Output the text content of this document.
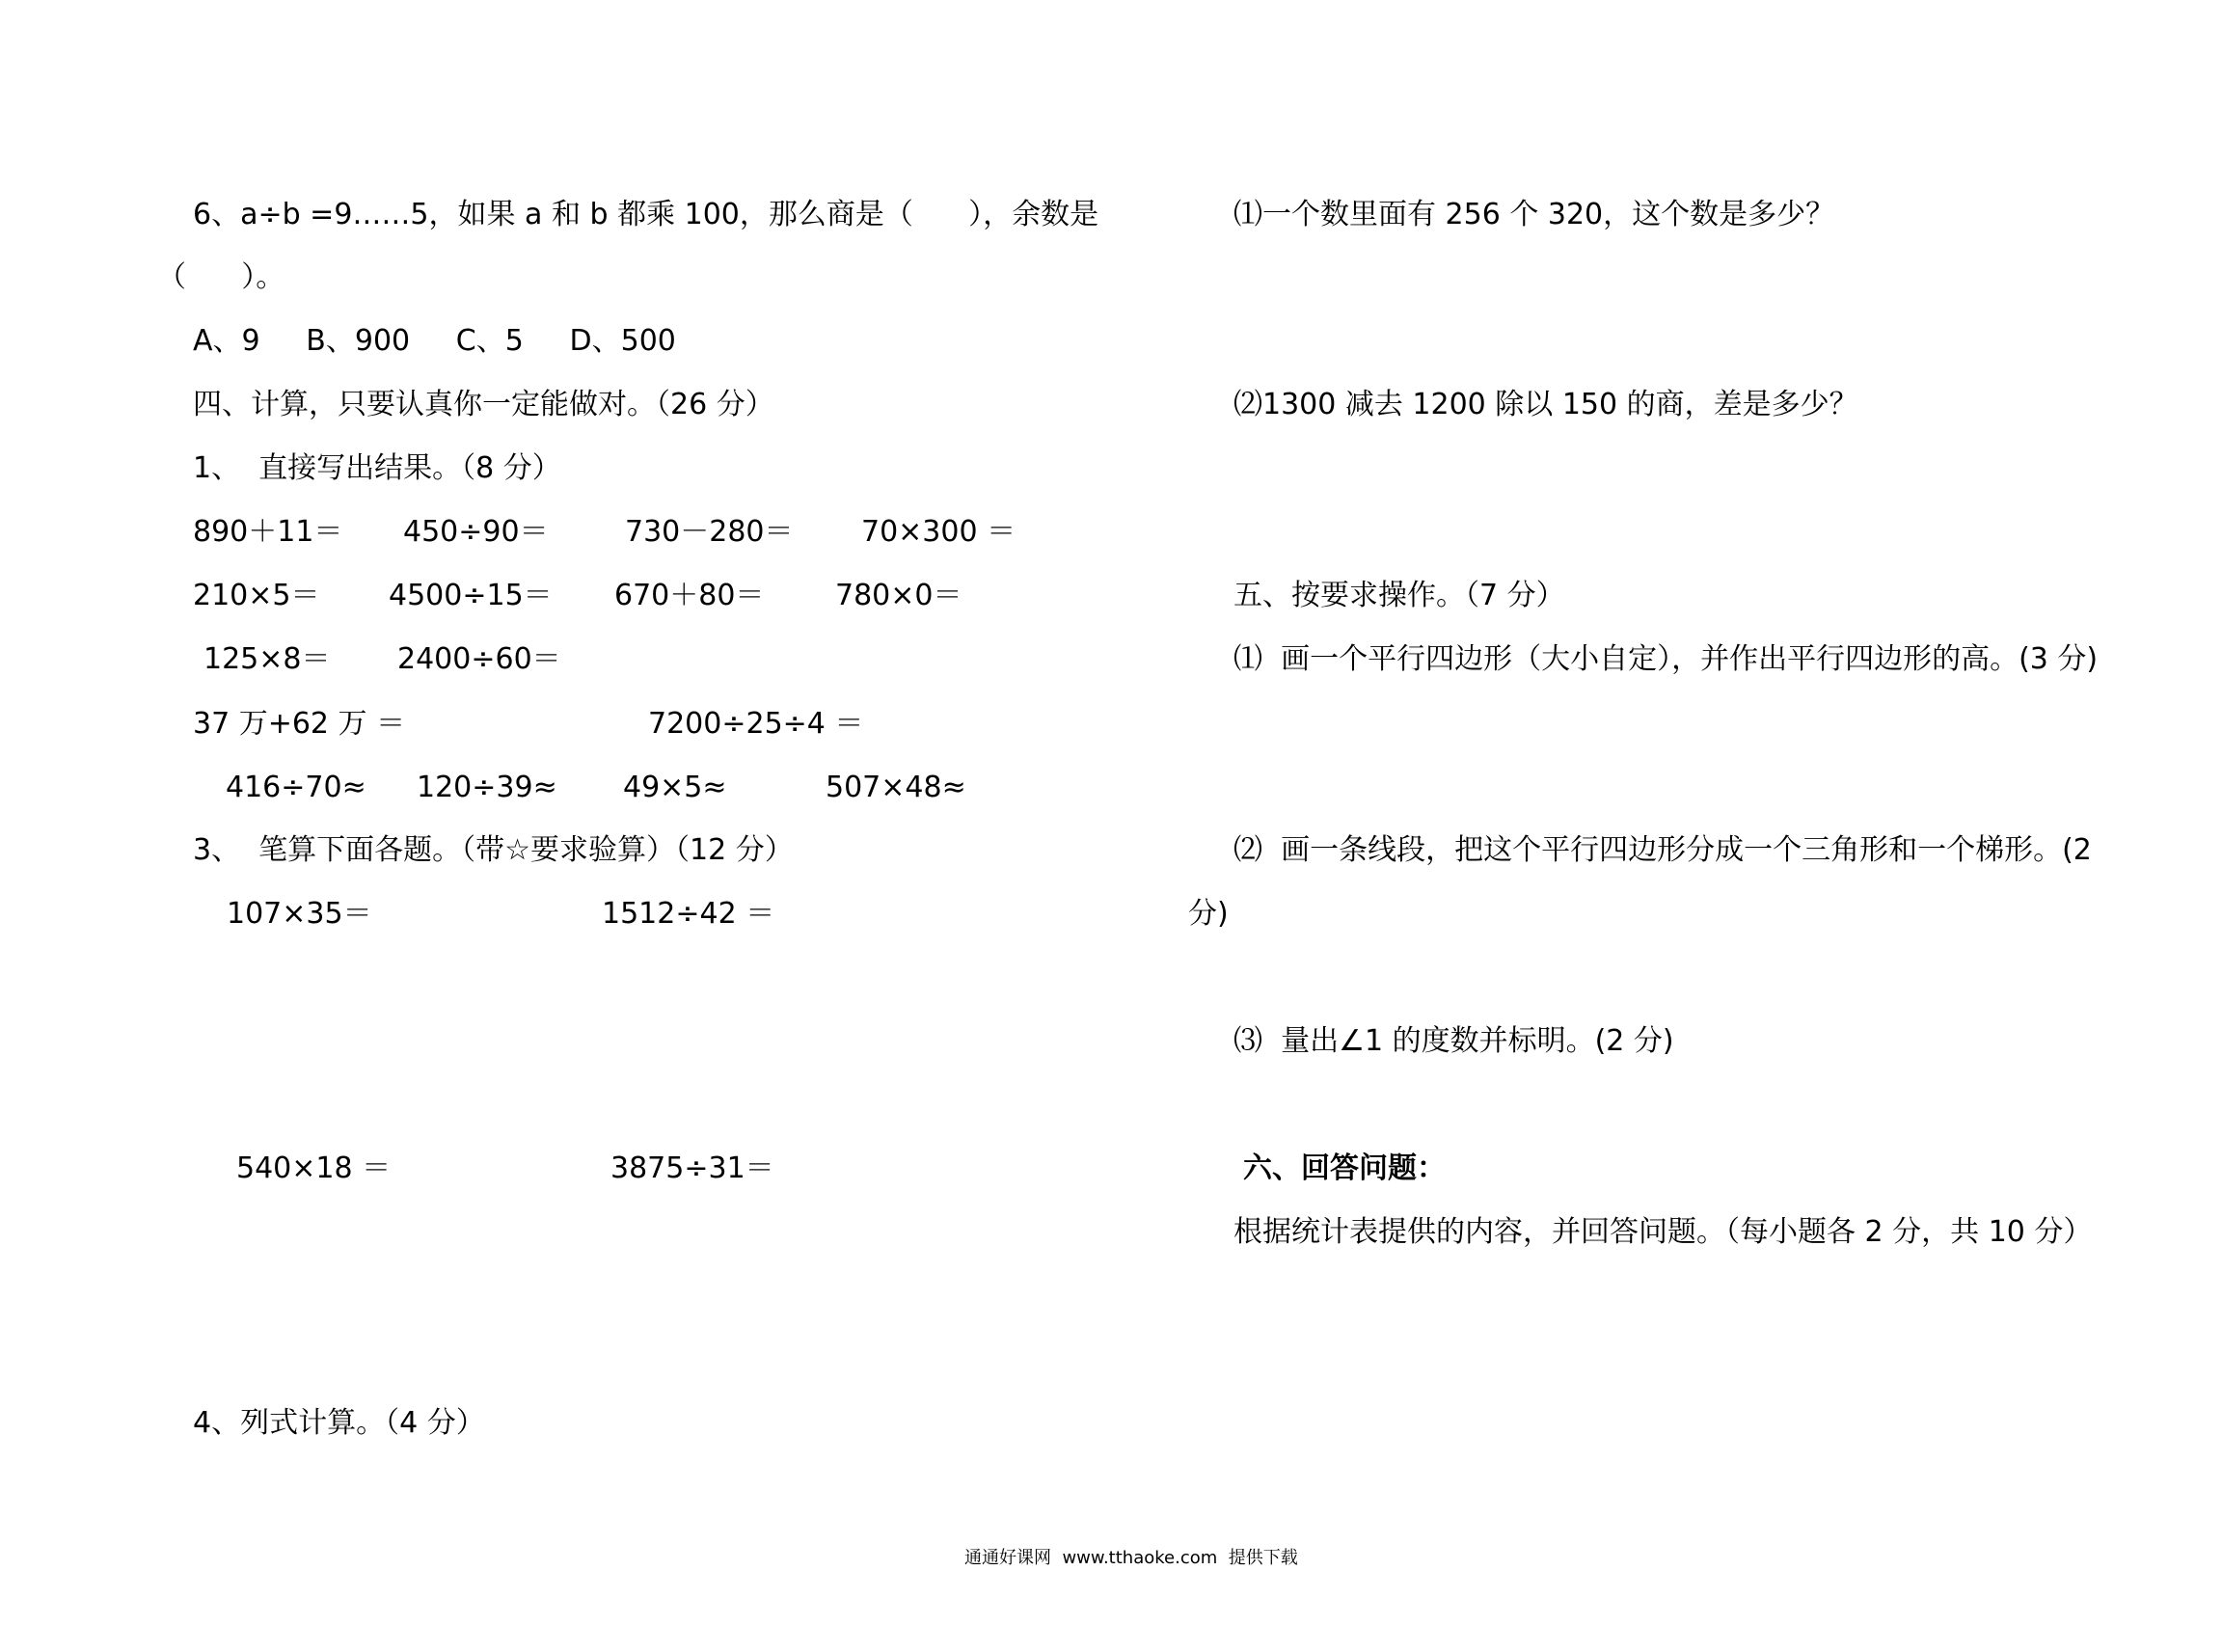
6、a÷b =9……5，如果 a 和 b 都乘 100，那么商是（      ），余数是
（      ）。
A、9     B、900     C、5     D、500
四、计算，只要认真你一定能做对。（26 分）
1、  直接写出结果。（8 分）
890＋11＝ 450÷90＝	730－280＝ 70×300 ＝
210×5＝ 4500÷15＝ 670＋80＝ 780×0＝
125×8＝ 2400÷60＝
37 万+62 万 ＝	7200÷25÷4 ＝
416÷70≈ 120÷39≈ 49×5≈	507×48≈
3、  笔算下面各题。（带☆要求验算）（12 分）
107×35＝	1512÷42 ＝
540×18 ＝	3875÷31＝
4、列式计算。（4 分）
⑴一个数里面有 256 个 320，这个数是多少？
⑵1300 减去 1200 除以 150 的商，差是多少？
五、按要求操作。（7 分）
⑴  画一个平行四边形（大小自定），并作出平行四边形的高。(3 分)
⑵  画一条线段，把这个平行四边形分成一个三角形和一个梯形。(2
分)
⑶  量出∠1 的度数并标明。(2 分)
六、回答问题：
根据统计表提供的内容，并回答问题。（每小题各 2 分，共 10 分）
通通好课网  www.tthaoke.com  提供下载
